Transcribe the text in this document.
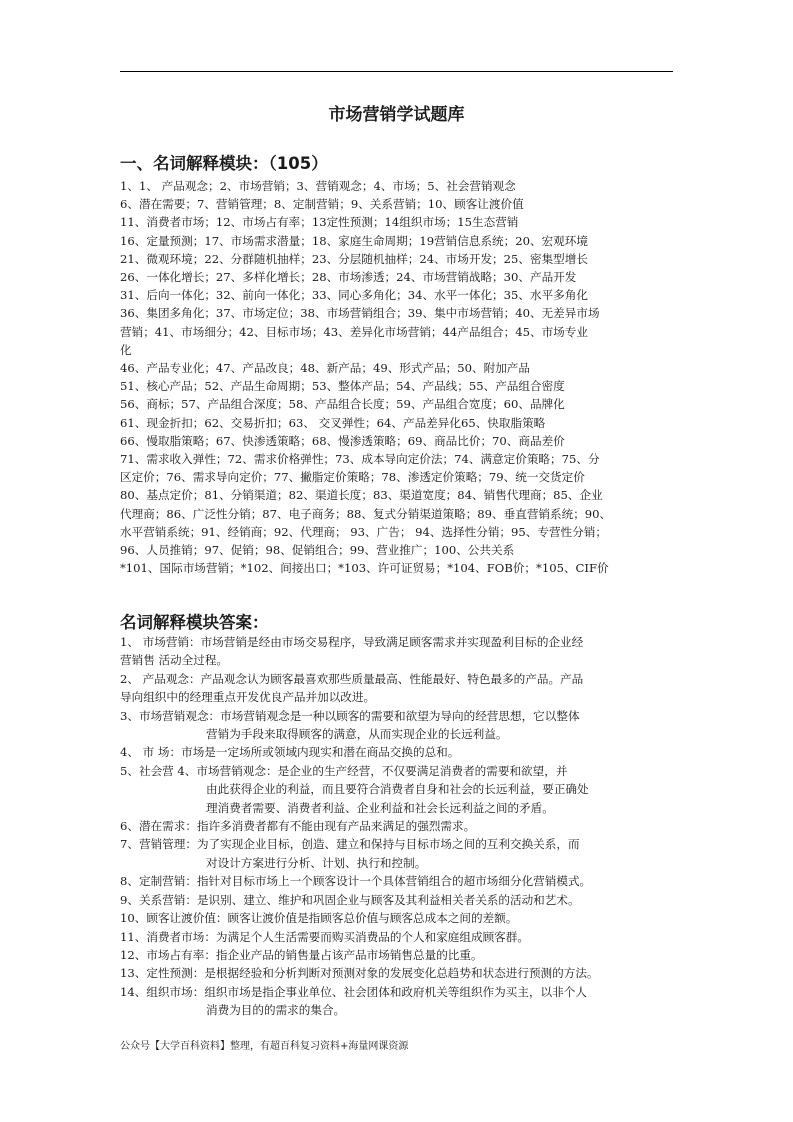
市场营销学试题库
一、名词解释模块：（105）
1、1、 产品观念；2、市场营销；3、营销观念；4、市场；5、社会营销观念
6、潜在需要；7、营销管理；8、定制营销；9、关系营销；10、顾客让渡价值
11、消费者市场；12、市场占有率；13定性预测；14组织市场；15生态营销
16、定量预测；17、市场需求潜量；18、家庭生命周期；19营销信息系统；20、宏观环境
21、微观环境；22、分群随机抽样；23、分层随机抽样；24、市场开发；25、密集型增长
26、一体化增长；27、多样化增长；28、市场渗透；24、市场营销战略；30、产品开发
31、后向一体化；32、前向一体化；33、同心多角化；34、水平一体化；35、水平多角化
36、集团多角化；37、市场定位；38、市场营销组合；39、集中市场营销；40、无差异市场
营销；41、市场细分；42、目标市场；43、差异化市场营销；44产品组合；45、市场专业
化
46、产品专业化；47、产品改良；48、新产品；49、形式产品；50、附加产品
51、核心产品；52、产品生命周期；53、整体产品；54、产品线；55、产品组合密度
56、商标；57、产品组合深度；58、产品组合长度；59、产品组合宽度；60、品牌化
61、现金折扣；62、交易折扣；63、 交叉弹性；64、产品差异化65、快取脂策略
66、慢取脂策略；67、快渗透策略；68、慢渗透策略；69、商品比价；70、商品差价
71、需求收入弹性；72、需求价格弹性；73、成本导向定价法；74、满意定价策略；75、分
区定价；76、需求导向定价；77、撇脂定价策略；78、渗透定价策略；79、统一交货定价
80、基点定价；81、分销渠道；82、渠道长度；83、渠道宽度；84、销售代理商；85、企业
代理商；86、广泛性分销；87、电子商务；88、复式分销渠道策略；89、垂直营销系统；90、
水平营销系统；91、经销商；92、代理商； 93、广告； 94、选择性分销；95、专营性分销；
96、人员推销；97、促销；98、促销组合；99、营业推广；100、公共关系
*101、国际市场营销；*102、间接出口；*103、许可证贸易；*104、FOB价；*105、CIF价
名词解释模块答案：
1、 市场营销：市场营销是经由市场交易程序，导致满足顾客需求并实现盈利目标的企业经
营销售 活动全过程。
2、 产品观念：产品观念认为顾客最喜欢那些质量最高、性能最好、特色最多的产品。产品
导向组织中的经理重点开发优良产品并加以改进。
3、市场营销观念：市场营销观念是一种以顾客的需要和欲望为导向的经营思想，它以整体
营销为手段来取得顾客的满意，从而实现企业的长远利益。
4、 市 场：市场是一定场所或领域内现实和潜在商品交换的总和。
5、社会营 4、市场营销观念：是企业的生产经营，不仅要满足消费者的需要和欲望，并
由此获得企业的利益，而且要符合消费者自身和社会的长远利益，要正确处
理消费者需要、消费者利益、企业利益和社会长远利益之间的矛盾。
6、潜在需求：指许多消费者都有不能由现有产品来满足的强烈需求。
7、营销管理：为了实现企业目标，创造、建立和保持与目标市场之间的互利交换关系，而
对设计方案进行分析、计划、执行和控制。
8、定制营销：指针对目标市场上一个顾客设计一个具体营销组合的超市场细分化营销模式。
9、关系营销：是识别、建立、维护和巩固企业与顾客及其利益相关者关系的活动和艺术。
10、顾客让渡价值：顾客让渡价值是指顾客总价值与顾客总成本之间的差额。
11、消费者市场：为满足个人生活需要而购买消费品的个人和家庭组成顾客群。
12、市场占有率：指企业产品的销售量占该产品市场销售总量的比重。
13、定性预测：是根据经验和分析判断对预测对象的发展变化总趋势和状态进行预测的方法。
14、组织市场：组织市场是指企事业单位、社会团体和政府机关等组织作为买主，以非个人
消费为目的的需求的集合。
公众号【大学百科资料】整理，有超百科复习资料+海量网课资源
